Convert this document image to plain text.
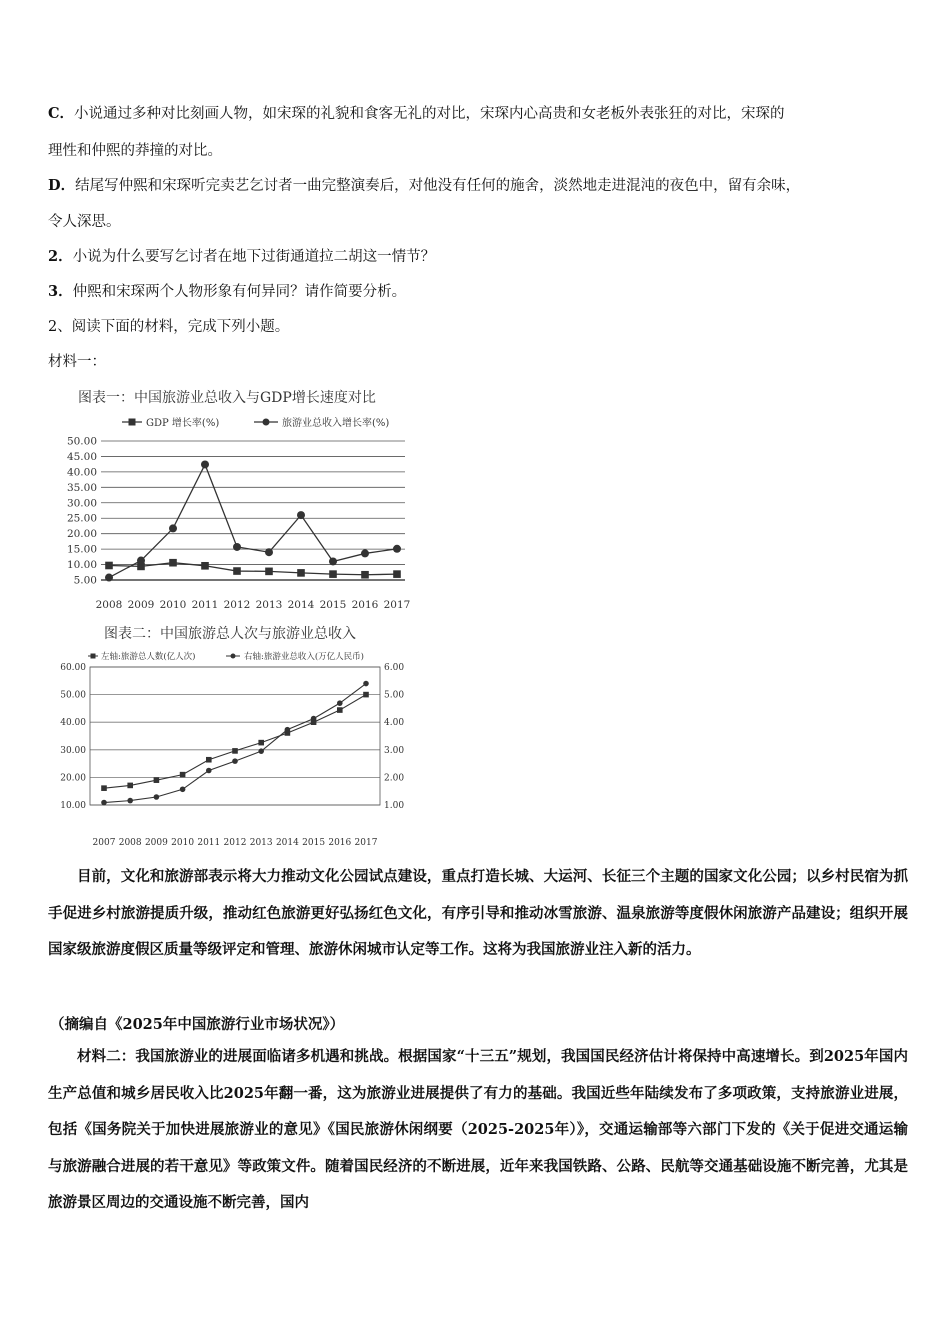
C．小说通过多种对比刻画人物，如宋琛的礼貌和食客无礼的对比，宋琛内心高贵和女老板外表张狂的对比，宋琛的
理性和仲熙的莽撞的对比。
D．结尾写仲熙和宋琛听完卖艺乞讨者一曲完整演奏后，对他没有任何的施舍，淡然地走进混沌的夜色中，留有余味，
令人深思。
2．小说为什么要写乞讨者在地下过街通道拉二胡这一情节？
3．仲熙和宋琛两个人物形象有何异同？请作简要分析。
2、阅读下面的材料，完成下列小题。
材料一：
图表一：中国旅游业总收入与GDP增长速度对比
GDP 增长率(%)	旅游业总收入增长率(%)
50.00
45.00
40.00
35.00
30.00
25.00
20.00
15.00
10.00
5.00
2008 2009 2010 2011 2012 2013 2014 2015 2016 2017
图表二：中国旅游总人次与旅游业总收入
左轴:旅游总人数(亿人次)	右轴:旅游业总收入(万亿人民币)
60.00
50.00
40.00
30.00
20.00
10.00
6.00
5.00
4.00
3.00
2.00
1.00
2007 2008 2009 2010 2011 2012 2013 2014 2015 2016 2017

目前，文化和旅游部表示将大力推动文化公园试点建设，重点打造长城、大运河、长征三个主题的国家文化公园；以乡村民宿为抓手促进乡村旅游提质升级，推动红色旅游更好弘扬红色文化，有序引导和推动冰雪旅游、温泉旅游等度假休闲旅游产品建设；组织开展国家级旅游度假区质量等级评定和管理、旅游休闲城市认定等工作。这将为我国旅游业注入新的活力。

（摘编自《2025年中国旅游行业市场状况》）

材料二：我国旅游业的进展面临诸多机遇和挑战。根据国家“十三五”规划，我国国民经济估计将保持中高速增长。到2025年国内生产总值和城乡居民收入比2025年翻一番，这为旅游业进展提供了有力的基础。我国近些年陆续发布了多项政策，支持旅游业进展，包括《国务院关于加快进展旅游业的意见》《国民旅游休闲纲要（2025-2025年）》，交通运输部等六部门下发的《关于促进交通运输与旅游融合进展的若干意见》等政策文件。随着国民经济的不断进展，近年来我国铁路、公路、民航等交通基础设施不断完善，尤其是旅游景区周边的交通设施不断完善，国内
